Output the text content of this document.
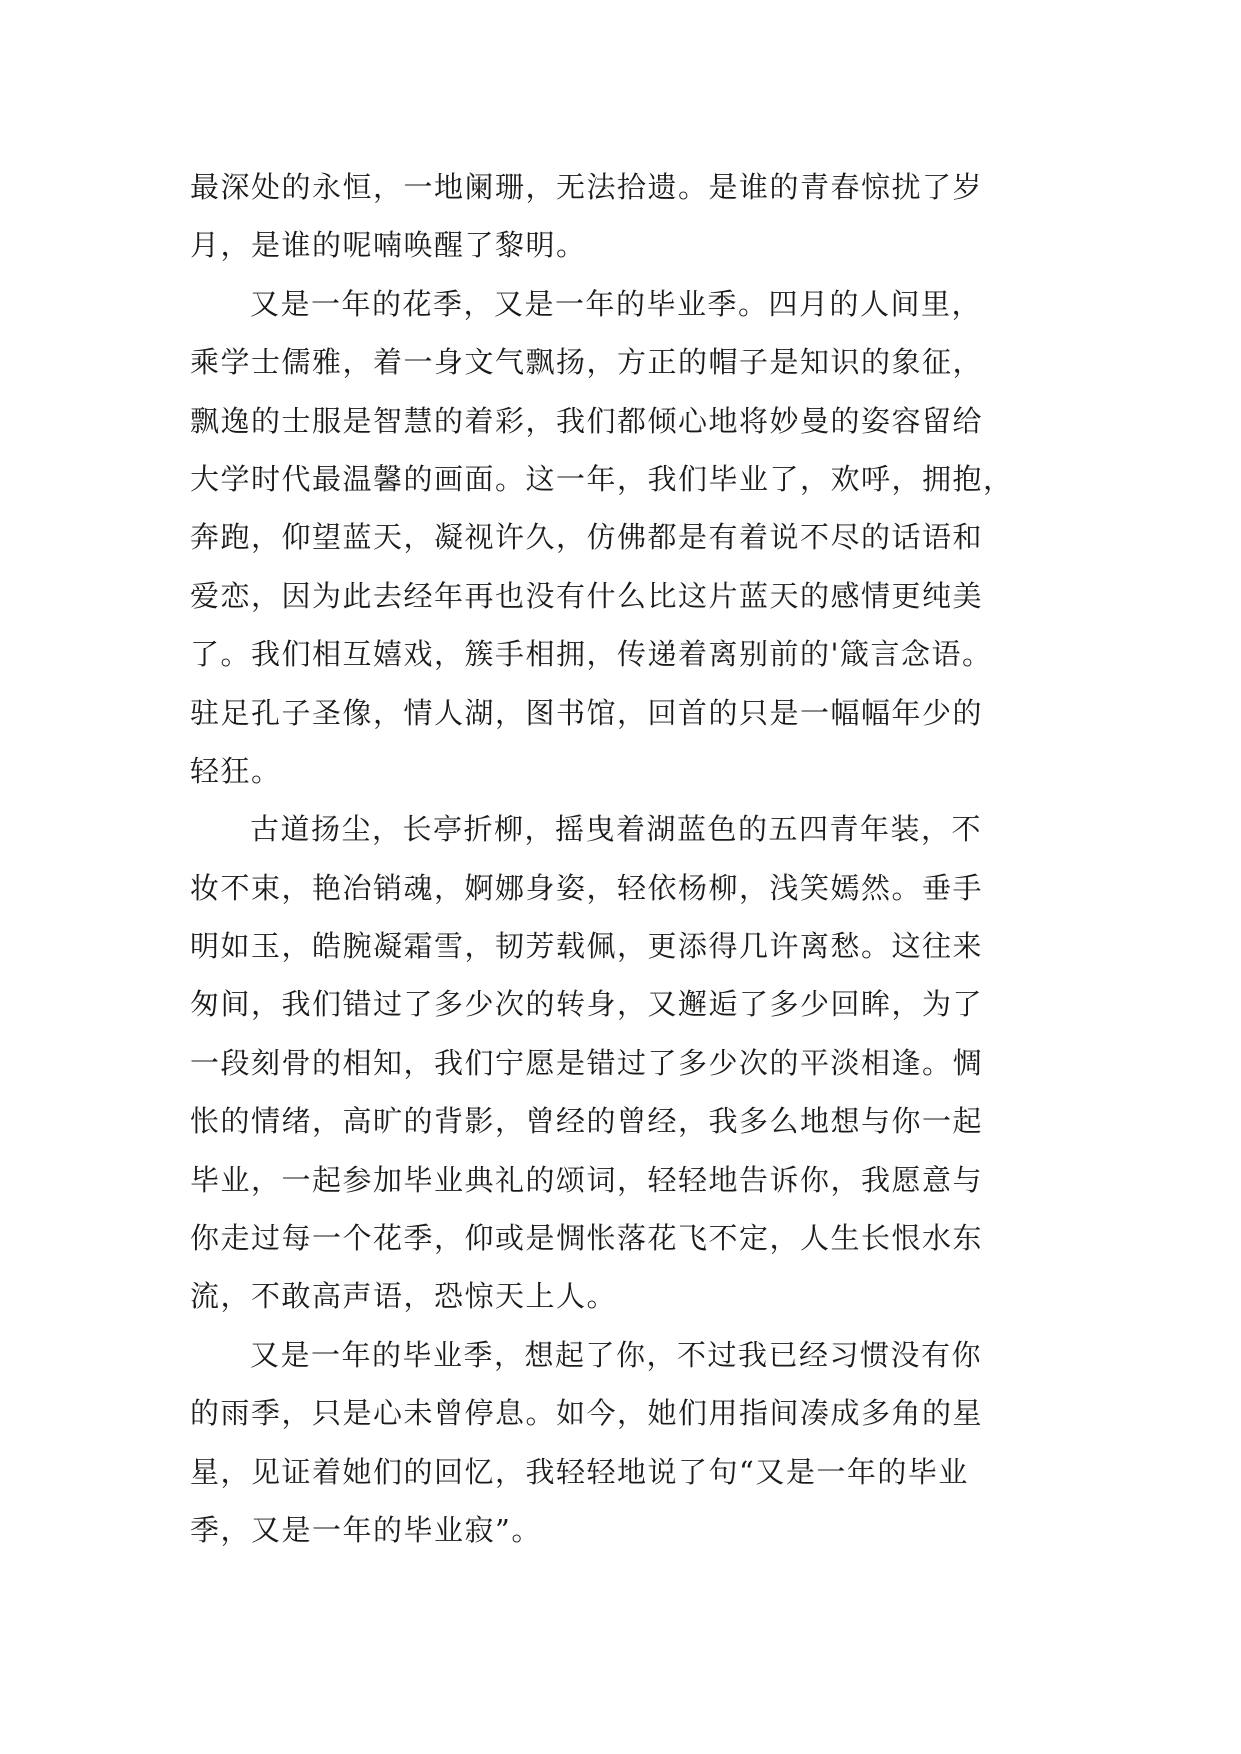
最深处的永恒，一地阑珊，无法拾遗。是谁的青春惊扰了岁
月，是谁的呢喃唤醒了黎明。
又是一年的花季，又是一年的毕业季。四月的人间里，
乘学士儒雅，着一身文气飘扬，方正的帽子是知识的象征，
飘逸的士服是智慧的着彩，我们都倾心地将妙曼的姿容留给
大学时代最温馨的画面。这一年，我们毕业了，欢呼，拥抱，
奔跑，仰望蓝天，凝视许久，仿佛都是有着说不尽的话语和
爱恋，因为此去经年再也没有什么比这片蓝天的感情更纯美
了。我们相互嬉戏，簇手相拥，传递着离别前的'箴言念语。
驻足孔子圣像，情人湖，图书馆，回首的只是一幅幅年少的
轻狂。
古道扬尘，长亭折柳，摇曳着湖蓝色的五四青年装，不
妆不束，艳冶销魂，婀娜身姿，轻依杨柳，浅笑嫣然。垂手
明如玉，皓腕凝霜雪，韧芳载佩，更添得几许离愁。这往来
匆间，我们错过了多少次的转身，又邂逅了多少回眸，为了
一段刻骨的相知，我们宁愿是错过了多少次的平淡相逢。惆
怅的情绪，高旷的背影，曾经的曾经，我多么地想与你一起
毕业，一起参加毕业典礼的颂词，轻轻地告诉你，我愿意与
你走过每一个花季，仰或是惆怅落花飞不定，人生长恨水东
流，不敢高声语，恐惊天上人。
又是一年的毕业季，想起了你，不过我已经习惯没有你
的雨季，只是心未曾停息。如今，她们用指间凑成多角的星
星，见证着她们的回忆，我轻轻地说了句“又是一年的毕业
季，又是一年的毕业寂”。
